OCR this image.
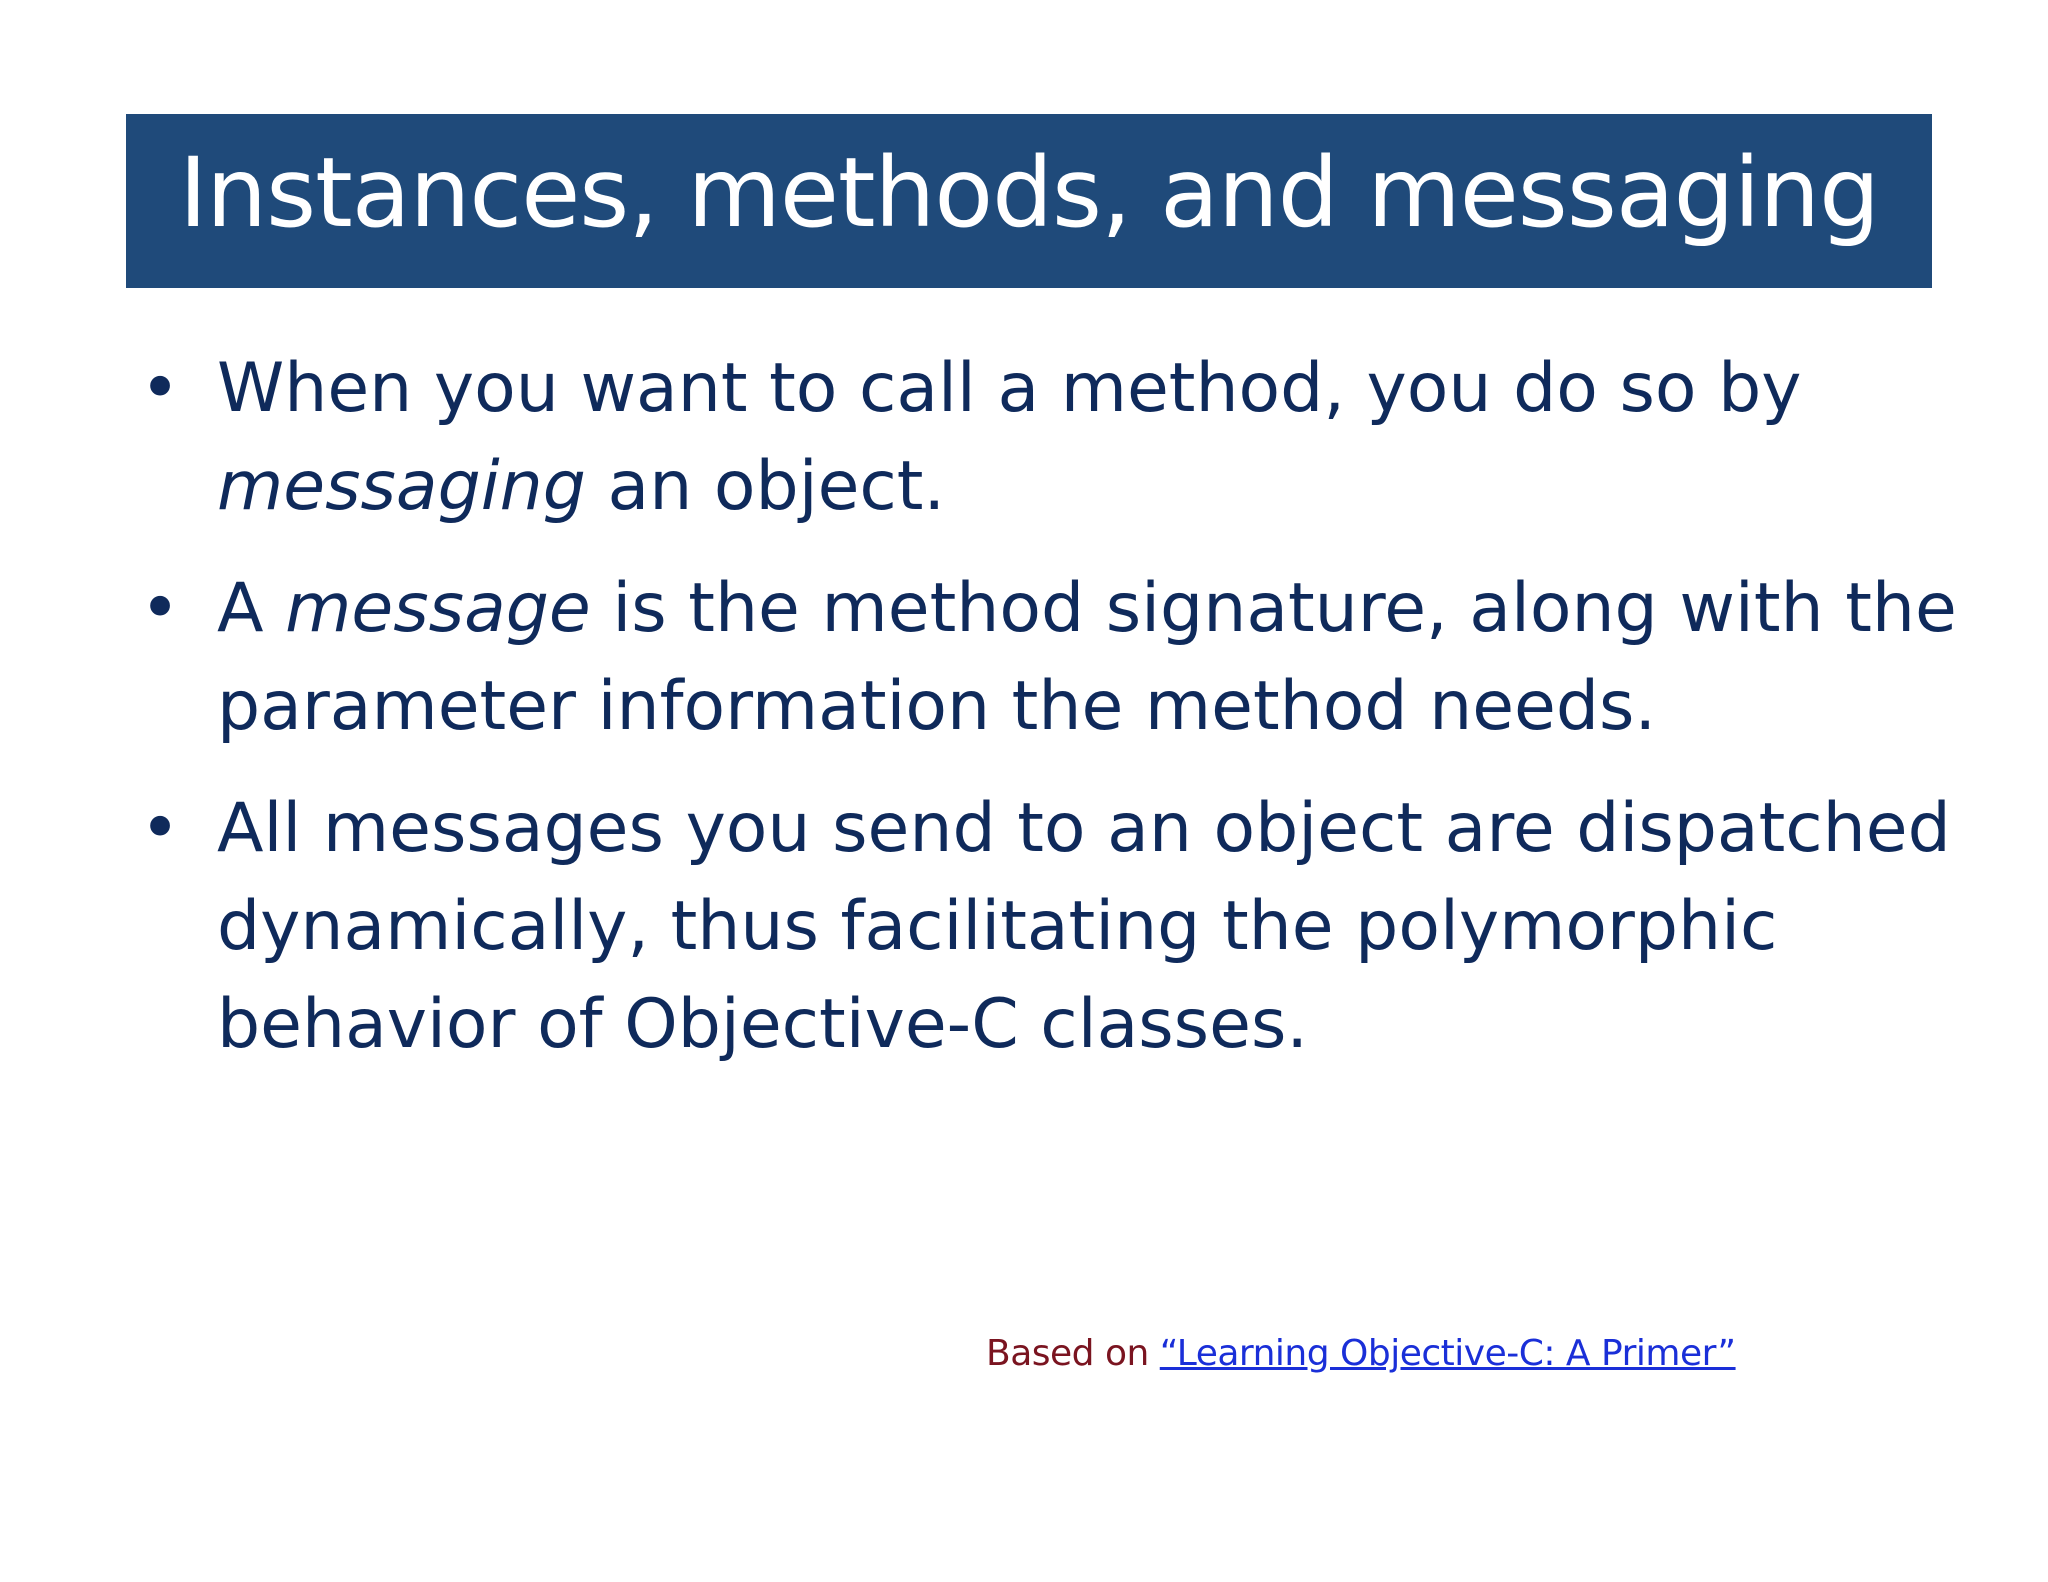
Instances, methods, and messaging
• When you want to call a method, you do so by
messaging an object.
• A message is the method signature, along with the
parameter information the method needs.
• All messages you send to an object are dispatched
dynamically, thus facilitating the polymorphic
behavior of Objective-C classes.
Based on “Learning Objective-C: A Primer”
